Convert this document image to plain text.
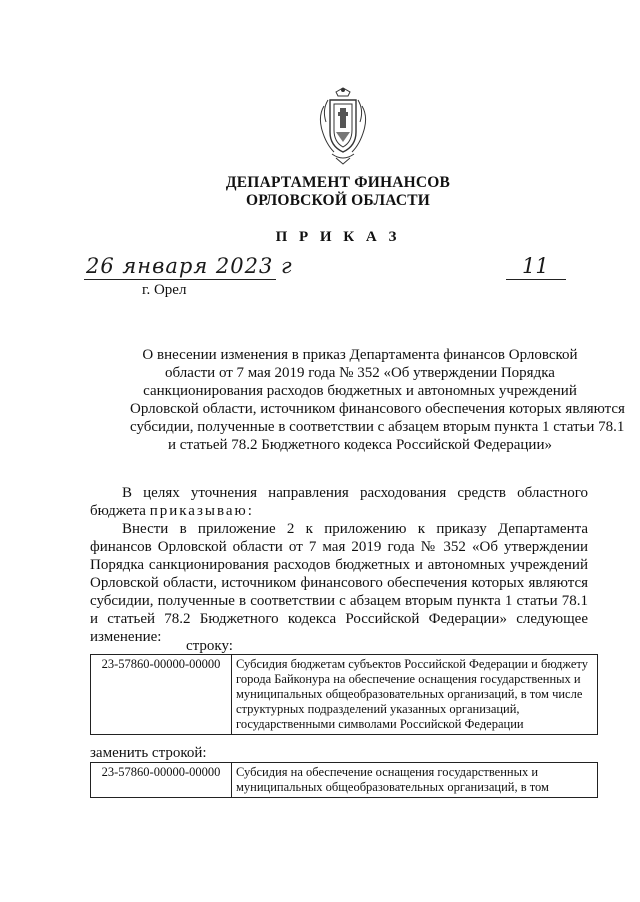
ДЕПАРТАМЕНТ ФИНАНСОВ
ОРЛОВСКОЙ ОБЛАСТИ
П Р И К А З
26 января 2023 г	11
г. Орел
О внесении изменения в приказ Департамента финансов Орловской
области от 7 мая 2019 года № 352 «Об утверждении Порядка
санкционирования расходов бюджетных и автономных учреждений
Орловской области, источником финансового обеспечения которых являются
субсидии, полученные в соответствии с абзацем вторым пункта 1 статьи 78.1
и статьей 78.2 Бюджетного кодекса Российской Федерации»
В целях уточнения направления расходования средств областного бюджета приказываю:
Внести в приложение 2 к приложению к приказу Департамента финансов Орловской области от 7 мая 2019 года № 352 «Об утверждении Порядка санкционирования расходов бюджетных и автономных учреждений Орловской области, источником финансового обеспечения которых являются субсидии, полученные в соответствии с абзацем вторым пункта 1 статьи 78.1 и статьей 78.2 Бюджетного кодекса Российской Федерации» следующее изменение:
строку:
23-57860-00000-00000	Субсидия бюджетам субъектов Российской Федерации и бюджету города Байконура на обеспечение оснащения государственных и муниципальных общеобразовательных организаций, в том числе структурных подразделений указанных организаций, государственными символами Российской Федерации
заменить строкой:
23-57860-00000-00000	Субсидия на обеспечение оснащения государственных и муниципальных общеобразовательных организаций, в том
